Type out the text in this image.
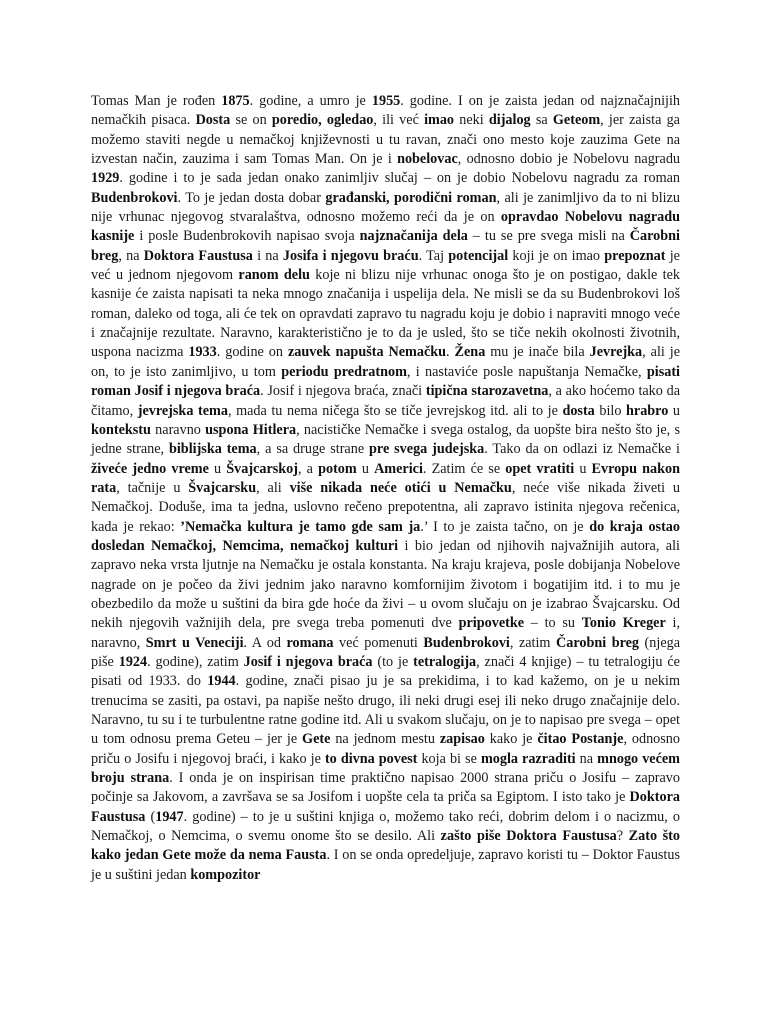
Tomas Man je rođen 1875. godine, a umro je 1955. godine. I on je zaista jedan od najznačajnijih nemačkih pisaca. Dosta se on poredio, ogledao, ili već imao neki dijalog sa Geteom, jer zaista ga možemo staviti negde u nemačkoj književnosti u tu ravan, znači ono mesto koje zauzima Gete na izvestan način, zauzima i sam Tomas Man. On je i nobelovac, odnosno dobio je Nobelovu nagradu 1929. godine i to je sada jedan onako zanimljiv slučaj – on je dobio Nobelovu nagradu za roman Budenbrokovi. To je jedan dosta dobar građanski, porodični roman, ali je zanimljivo da to ni blizu nije vrhunac njegovog stvaralaštva, odnosno možemo reći da je on opravdao Nobelovu nagradu kasnije i posle Budenbrokovih napisao svoja najznačanija dela – tu se pre svega misli na Čarobni breg, na Doktora Faustusa i na Josifa i njegovu braću. Taj potencijal koji je on imao prepoznat je već u jednom njegovom ranom delu koje ni blizu nije vrhunac onoga što je on postigao, dakle tek kasnije će zaista napisati ta neka mnogo značanija i uspelija dela. Ne misli se da su Budenbrokovi loš roman, daleko od toga, ali će tek on opravdati zapravo tu nagradu koju je dobio i napraviti mnogo veće i značajnije rezultate. Naravno, karakteristično je to da je usled, što se tiče nekih okolnosti životnih, uspona nacizma 1933. godine on zauvek napušta Nemačku. Žena mu je inače bila Jevrejka, ali je on, to je isto zanimljivo, u tom periodu predratnom, i nastaviće posle napuštanja Nemačke, pisati roman Josif i njegova braća. Josif i njegova braća, znači tipična starozavetna, a ako hoćemo tako da čitamo, jevrejska tema, mada tu nema ničega što se tiče jevrejskog itd. ali to je dosta bilo hrabro u kontekstu naravno uspona Hitlera, nacističke Nemačke i svega ostalog, da uopšte bira nešto što je, s jedne strane, biblijska tema, a sa druge strane pre svega judejska. Tako da on odlazi iz Nemačke i živeće jedno vreme u Švajcarskoj, a potom u Americi. Zatim će se opet vratiti u Evropu nakon rata, tačnije u Švajcarsku, ali više nikada neće otići u Nemačku, neće više nikada živeti u Nemačkoj. Doduše, ima ta jedna, uslovno rečeno prepotentna, ali zapravo istinita njegova rečenica, kada je rekao: ’Nemačka kultura je tamo gde sam ja.’ I to je zaista tačno, on je do kraja ostao dosledan Nemačkoj, Nemcima, nemačkoj kulturi i bio jedan od njihovih najvažnijih autora, ali zapravo neka vrsta ljutnje na Nemačku je ostala konstanta. Na kraju krajeva, posle dobijanja Nobelove nagrade on je počeo da živi jednim jako naravno komfornijim životom i bogatijim itd. i to mu je obezbedilo da može u suštini da bira gde hoće da živi – u ovom slučaju on je izabrao Švajcarsku. Od nekih njegovih važnijih dela, pre svega treba pomenuti dve pripovetke – to su Tonio Kreger i, naravno, Smrt u Veneciji. A od romana već pomenuti Budenbrokovi, zatim Čarobni breg (njega piše 1924. godine), zatim Josif i njegova braća (to je tetralogija, znači 4 knjige) – tu tetralogiju će pisati od 1933. do 1944. godine, znači pisao ju je sa prekidima, i to kad kažemo, on je u nekim trenucima se zasiti, pa ostavi, pa napiše nešto drugo, ili neki drugi esej ili neko drugo značajnije delo. Naravno, tu su i te turbulentne ratne godine itd. Ali u svakom slučaju, on je to napisao pre svega – opet u tom odnosu prema Geteu – jer je Gete na jednom mestu zapisao kako je čitao Postanje, odnosno priču o Josifu i njegovoj braći, i kako je to divna povest koja bi se mogla razraditi na mnogo većem broju strana. I onda je on inspirisan time praktično napisao 2000 strana priču o Josifu – zapravo počinje sa Jakovom, a završava se sa Josifom i uopšte cela ta priča sa Egiptom. I isto tako je Doktora Faustusa (1947. godine) – to je u suštini knjiga o, možemo tako reći, dobrim delom i o nacizmu, o Nemačkoj, o Nemcima, o svemu onome što se desilo. Ali zašto piše Doktora Faustusa? Zato što kako jedan Gete može da nema Fausta. I on se onda opredeljuje, zapravo koristi tu – Doktor Faustus je u suštini jedan kompozitor
